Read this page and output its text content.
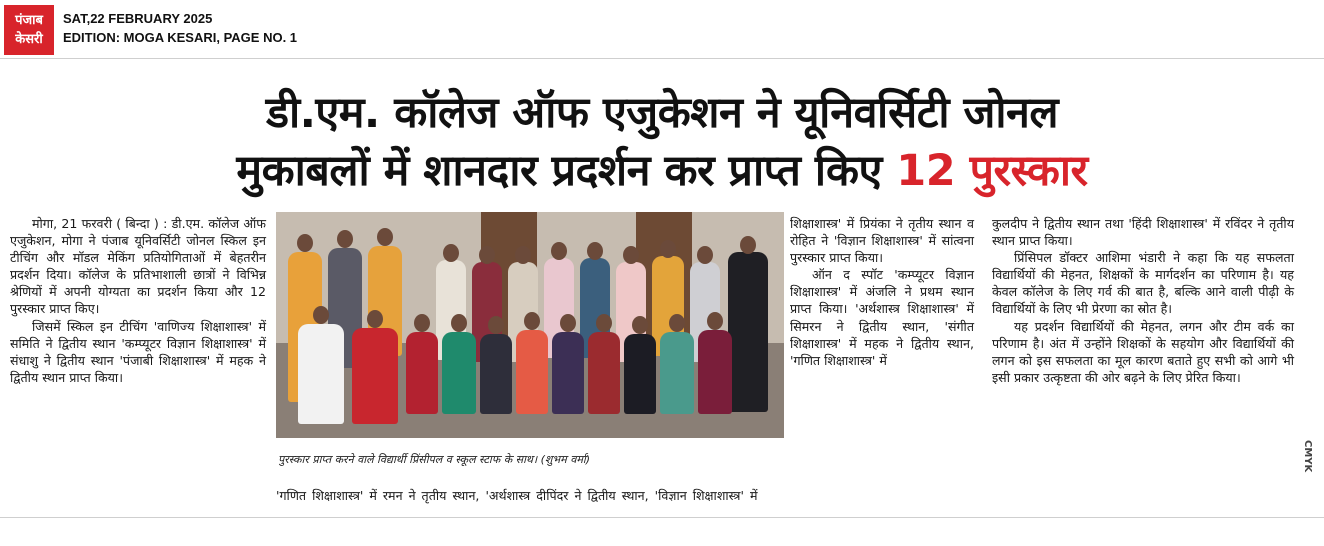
पंजाब
केसरी
SAT,22 FEBRUARY 2025
EDITION: MOGA KESARI, PAGE NO. 1
डी.एम. कॉलेज ऑफ एजुकेशन ने यूनिवर्सिटी जोनल
मुकाबलों में शानदार प्रदर्शन कर प्राप्त किए 12 पुरस्कार

मोगा, 21 फरवरी ( बिन्दा ) : डी.एम. कॉलेज ऑफ एजुकेशन, मोगा ने पंजाब यूनिवर्सिटी जोनल स्किल इन टीचिंग और मॉडल मेकिंग प्रतियोगिताओं में बेहतरीन प्रदर्शन दिया। कॉलेज के प्रतिभाशाली छात्रों ने विभिन्न श्रेणियों में अपनी योग्यता का प्रदर्शन किया और 12 पुरस्कार प्राप्त किए।

जिसमें स्किल इन टीचिंग 'वाणिज्य शिक्षाशास्त्र' में समिति ने द्वितीय स्थान 'कम्प्यूटर विज्ञान शिक्षाशास्त्र' में संधाशु ने द्वितीय स्थान 'पंजाबी शिक्षाशास्त्र' में महक ने द्वितीय स्थान प्राप्त किया।

पुरस्कार प्राप्त करने वाले विद्यार्थी प्रिंसीपल व स्कूल स्टाफ के साथ। (शुभम वर्मा)
'गणित शिक्षाशास्त्र' में रमन ने तृतीय स्थान, 'अर्थशास्त्र दीपिंदर ने द्वितीय स्थान, 'विज्ञान शिक्षाशास्त्र' में

शिक्षाशास्त्र' में प्रियंका ने तृतीय स्थान व रोहित ने 'विज्ञान शिक्षाशास्त्र' में सांत्वना पुरस्कार प्राप्त किया।

ऑन द स्पॉट 'कम्प्यूटर विज्ञान शिक्षाशास्त्र' में अंजलि ने प्रथम स्थान प्राप्त किया। 'अर्थशास्त्र शिक्षाशास्त्र' में सिमरन ने द्वितीय स्थान, 'संगीत शिक्षाशास्त्र' में महक ने द्वितीय स्थान, 'गणित शिक्षाशास्त्र' में

कुलदीप ने द्वितीय स्थान तथा 'हिंदी शिक्षाशास्त्र' में रविंदर ने तृतीय स्थान प्राप्त किया।

प्रिंसिपल डॉक्टर आशिमा भंडारी ने कहा कि यह सफलता विद्यार्थियों की मेहनत, शिक्षकों के मार्गदर्शन का परिणाम है। यह केवल कॉलेज के लिए गर्व की बात है, बल्कि आने वाली पीढ़ी के विद्यार्थियों के लिए भी प्रेरणा का स्रोत है।

यह प्रदर्शन विद्यार्थियों की मेहनत, लगन और टीम वर्क का परिणाम है। अंत में उन्होंने शिक्षकों के सहयोग और विद्यार्थियों की लगन को इस सफलता का मूल कारण बताते हुए सभी को आगे भी इसी प्रकार उत्कृष्टता की ओर बढ़ने के लिए प्रेरित किया।

CMYK
